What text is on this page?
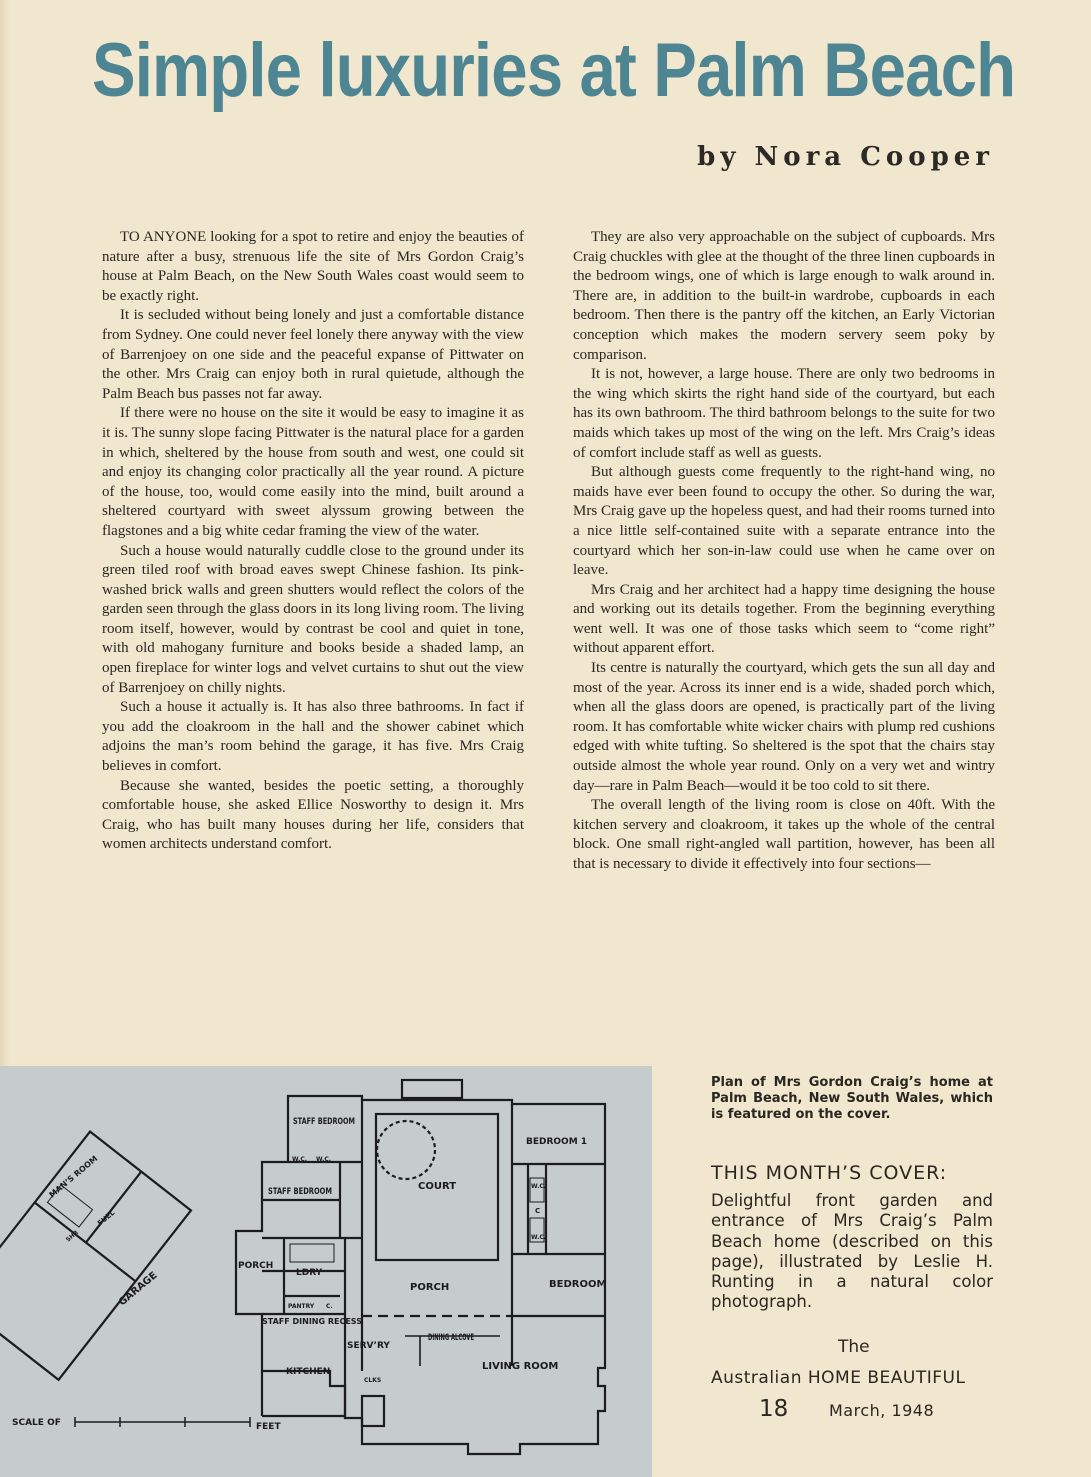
Simple luxuries at Palm Beach
by Nora Cooper

TO ANYONE looking for a spot to retire and enjoy the beauties of nature after a busy, strenuous life the site of Mrs Gordon Craig’s house at Palm Beach, on the New South Wales coast would seem to be exactly right.

It is secluded without being lonely and just a comfortable distance from Sydney. One could never feel lonely there anyway with the view of Barrenjoey on one side and the peaceful expanse of Pittwater on the other. Mrs Craig can enjoy both in rural quietude, although the Palm Beach bus passes not far away.

If there were no house on the site it would be easy to imagine it as it is. The sunny slope facing Pittwater is the natural place for a garden in which, sheltered by the house from south and west, one could sit and enjoy its changing color practically all the year round. A picture of the house, too, would come easily into the mind, built around a sheltered courtyard with sweet alyssum growing between the flagstones and a big white cedar framing the view of the water.

Such a house would naturally cuddle close to the ground under its green tiled roof with broad eaves swept Chinese fashion. Its pink-washed brick walls and green shutters would reflect the colors of the garden seen through the glass doors in its long living room. The living room itself, however, would by contrast be cool and quiet in tone, with old mahogany furniture and books beside a shaded lamp, an open fireplace for winter logs and velvet curtains to shut out the view of Barrenjoey on chilly nights.

Such a house it actually is. It has also three bathrooms. In fact if you add the cloakroom in the hall and the shower cabinet which adjoins the man’s room behind the garage, it has five. Mrs Craig believes in comfort.

Because she wanted, besides the poetic setting, a thoroughly comfortable house, she asked Ellice Nosworthy to design it. Mrs Craig, who has built many houses during her life, considers that women architects understand comfort.

They are also very approachable on the subject of cupboards. Mrs Craig chuckles with glee at the thought of the three linen cupboards in the bedroom wings, one of which is large enough to walk around in. There are, in addition to the built-in wardrobe, cupboards in each bedroom. Then there is the pantry off the kitchen, an Early Victorian conception which makes the modern servery seem poky by comparison.

It is not, however, a large house. There are only two bedrooms in the wing which skirts the right hand side of the courtyard, but each has its own bathroom. The third bathroom belongs to the suite for two maids which takes up most of the wing on the left. Mrs Craig’s ideas of comfort include staff as well as guests.

But although guests come frequently to the right-hand wing, no maids have ever been found to occupy the other. So during the war, Mrs Craig gave up the hopeless quest, and had their rooms turned into a nice little self-contained suite with a separate entrance into the courtyard which her son-in-law could use when he came over on leave.

Mrs Craig and her architect had a happy time designing the house and working out its details together. From the beginning everything went well. It was one of those tasks which seem to “come right” without apparent effort.

Its centre is naturally the courtyard, which gets the sun all day and most of the year. Across its inner end is a wide, shaded porch which, when all the glass doors are opened, is practically part of the living room. It has comfortable white wicker chairs with plump red cushions edged with white tufting. So sheltered is the spot that the chairs stay outside almost the whole year round. Only on a very wet and wintry day—rare in Palm Beach—would it be too cold to sit there.

The overall length of the living room is close on 40ft. With the kitchen servery and cloakroom, it takes up the whole of the central block. One small right-angled wall partition, however, has been all that is necessary to divide it effectively into four sections—

STAFF BEDROOM
W.C. W.C.
STAFF BEDROOM	COURT
BEDROOM 1
W.C.
C
W.C.
BEDROOM
PORCH
LDRY
PANTRY C.
STAFF DINING RECESS
PORCH
SERV’RY
DINING ALCOVE
KITCHEN
CLKS
LIVING ROOM
MAN’S ROOM
FUEL
SHR
GARAGE
SCALE OF	FEET

Plan of Mrs Gordon Craig’s home at Palm Beach, New South Wales, which is featured on the cover.

THIS MONTH’S COVER:

Delightful front garden and entrance of Mrs Craig’s Palm Beach home (described on this page), illustrated by Leslie H. Runting in a natural color photograph.

The
Australian HOME BEAUTIFUL
18	March, 1948
